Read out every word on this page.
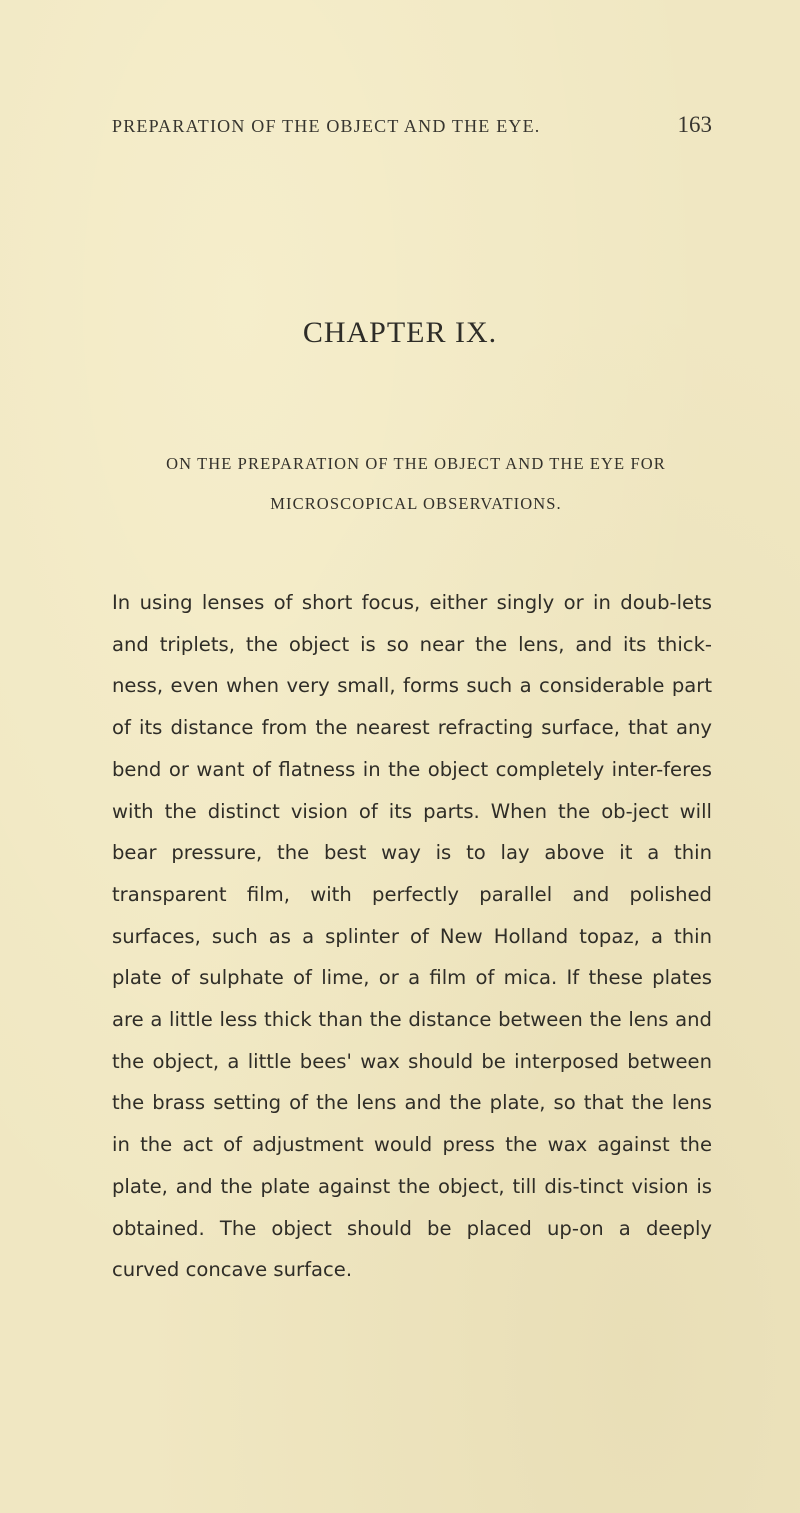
PREPARATION OF THE OBJECT AND THE EYE.	163
CHAPTER IX.
ON THE PREPARATION OF THE OBJECT AND THE EYE FOR MICROSCOPICAL OBSERVATIONS.

In using lenses of short focus, either singly or in doub-lets and triplets, the object is so near the lens, and its thick-ness, even when very small, forms such a considerable part of its distance from the nearest refracting surface, that any bend or want of flatness in the object completely inter-feres with the distinct vision of its parts. When the ob-ject will bear pressure, the best way is to lay above it a thin transparent film, with perfectly parallel and polished surfaces, such as a splinter of New Holland topaz, a thin plate of sulphate of lime, or a film of mica. If these plates are a little less thick than the distance between the lens and the object, a little bees' wax should be interposed between the brass setting of the lens and the plate, so that the lens in the act of adjustment would press the wax against the plate, and the plate against the object, till dis-tinct vision is obtained. The object should be placed up-on a deeply curved concave surface.
